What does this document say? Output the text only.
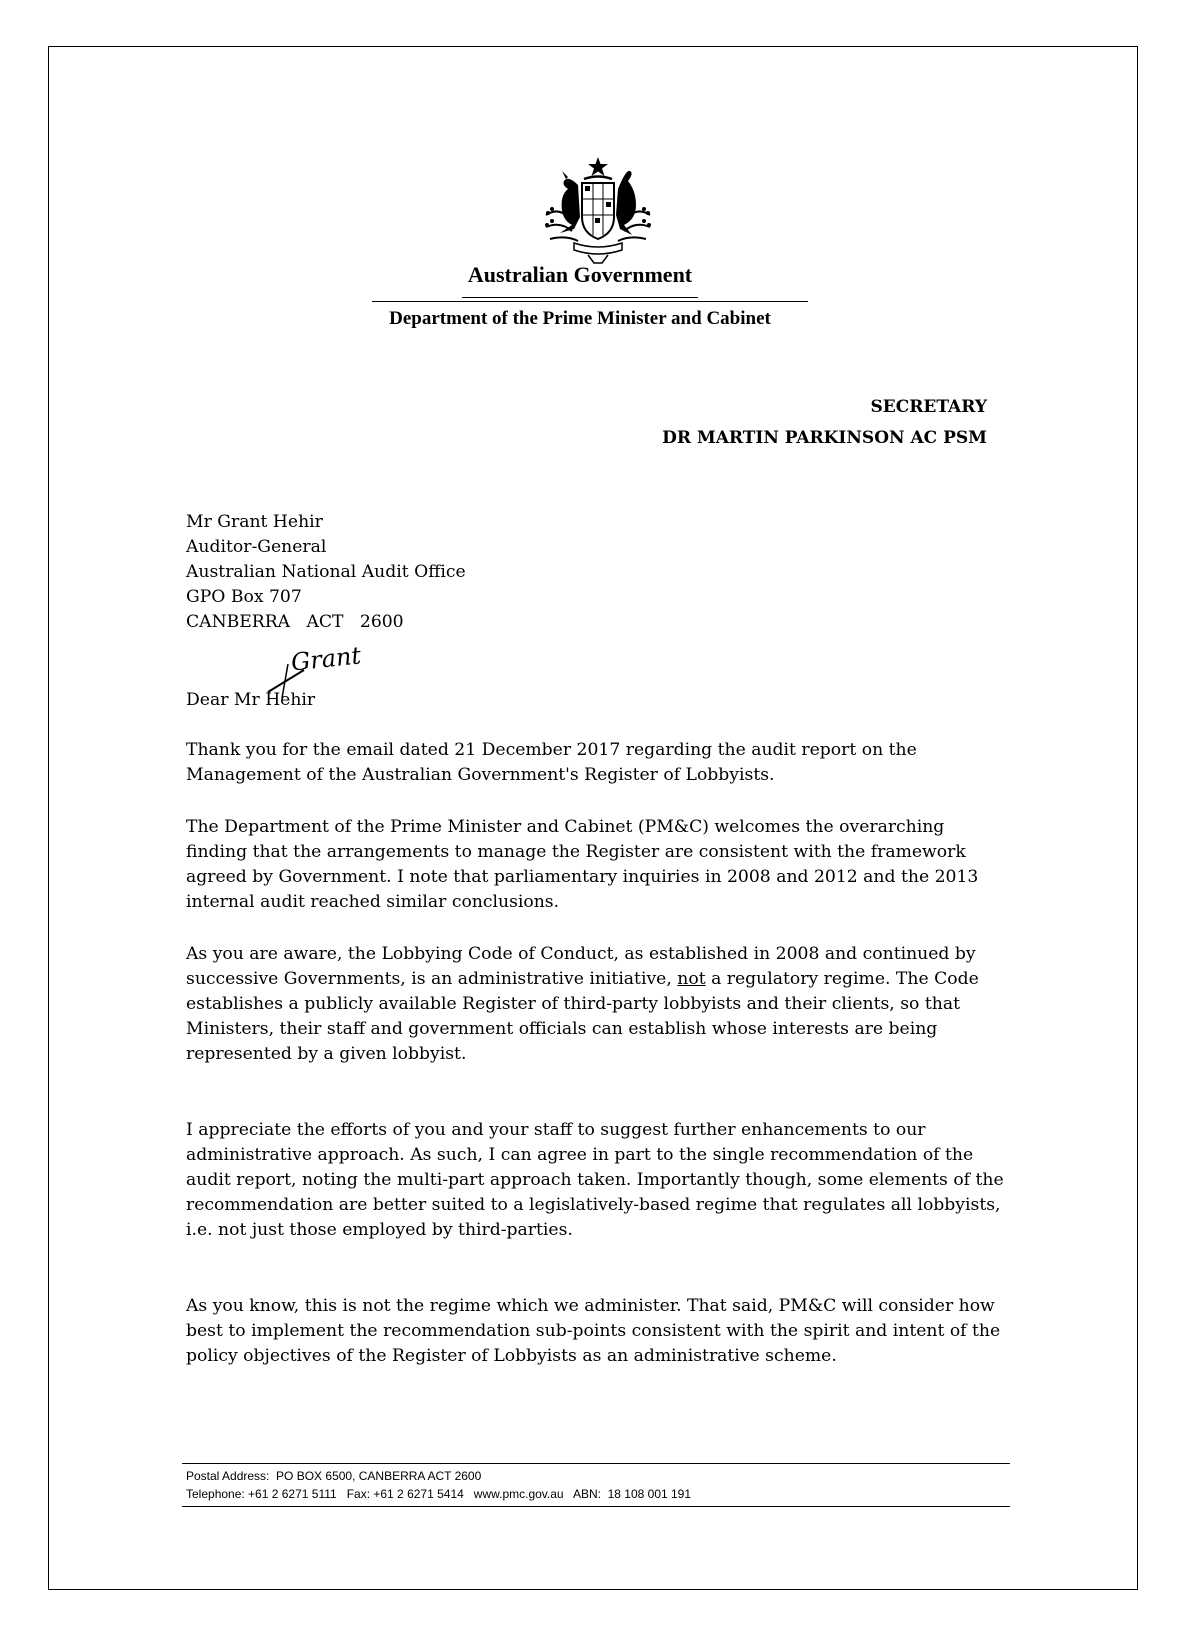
Australian Government
Department of the Prime Minister and Cabinet
SECRETARY
DR MARTIN PARKINSON AC PSM
Mr Grant Hehir
Auditor-General
Australian National Audit Office
GPO Box 707
CANBERRA   ACT   2600
Grant
Dear Mr Hehir

Thank you for the email dated 21 December 2017 regarding the audit report on the Management of the Australian Government's Register of Lobbyists.

The Department of the Prime Minister and Cabinet (PM&C) welcomes the overarching finding that the arrangements to manage the Register are consistent with the framework agreed by Government. I note that parliamentary inquiries in 2008 and 2012 and the 2013 internal audit reached similar conclusions.

As you are aware, the Lobbying Code of Conduct, as established in 2008 and continued by successive Governments, is an administrative initiative, not a regulatory regime. The Code establishes a publicly available Register of third-party lobbyists and their clients, so that Ministers, their staff and government officials can establish whose interests are being represented by a given lobbyist.

I appreciate the efforts of you and your staff to suggest further enhancements to our administrative approach. As such, I can agree in part to the single recommendation of the audit report, noting the multi-part approach taken. Importantly though, some elements of the recommendation are better suited to a legislatively-based regime that regulates all lobbyists, i.e. not just those employed by third-parties.

As you know, this is not the regime which we administer. That said, PM&C will consider how best to implement the recommendation sub-points consistent with the spirit and intent of the policy objectives of the Register of Lobbyists as an administrative scheme.

Postal Address:  PO BOX 6500, CANBERRA ACT 2600
Telephone: +61 2 6271 5111   Fax: +61 2 6271 5414   www.pmc.gov.au   ABN:  18 108 001 191
